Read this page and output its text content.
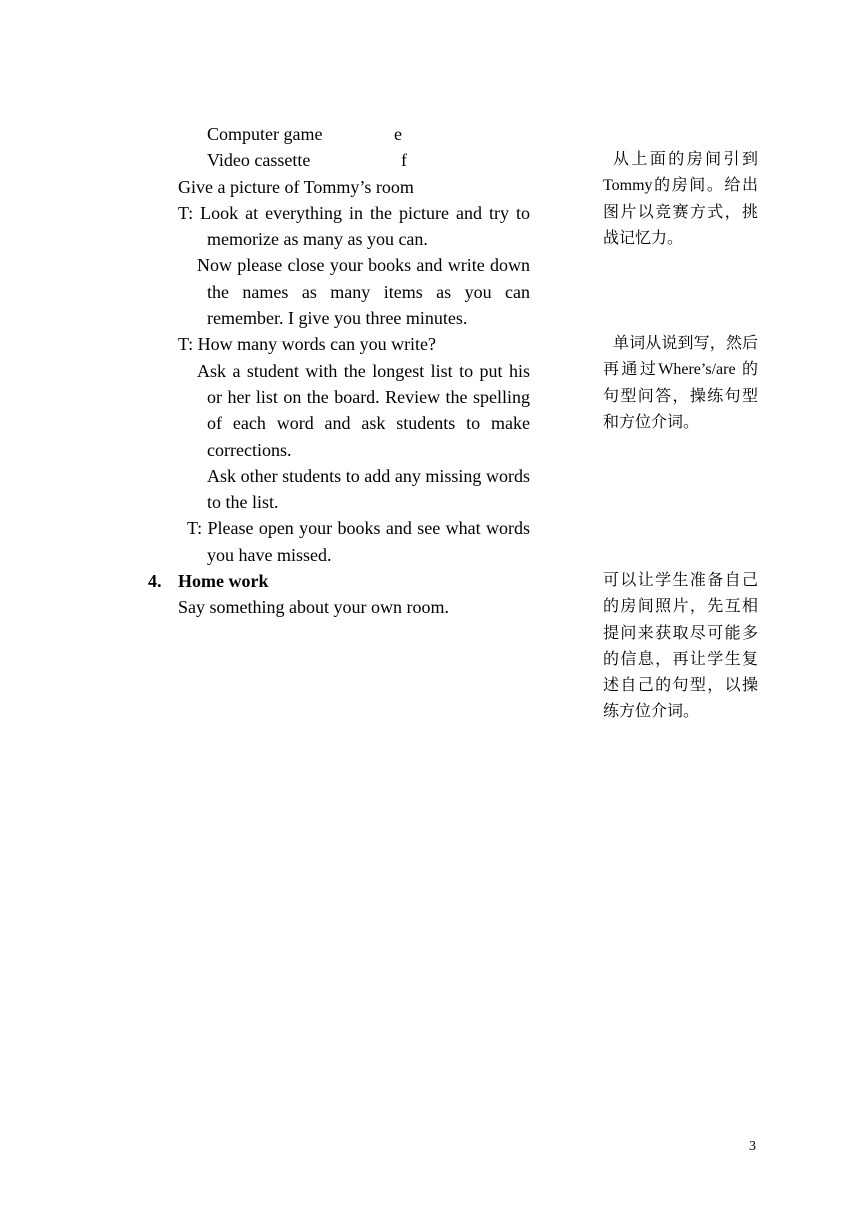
Computer game	e
Video cassette	f
Give a picture of Tommy’s room
T: Look at everything in the picture and try to memorize as many as you can.
Now please close your books and write down the names as many items as you can remember. I give you three minutes.
T: How many words can you write?
Ask a student with the longest list to put his or her list on the board. Review the spelling of each word and ask students to make corrections.
Ask other students to add any missing words to the list.
T: Please open your books and see what words you have missed.
4. Home work
Say something about your own room.
从上面的房间引到Tommy的房间。给出图片以竞赛方式，挑战记忆力。
单词从说到写，然后再通过Where’s/are 的句型问答，操练句型和方位介词。
可以让学生准备自己的房间照片，先互相提问来获取尽可能多的信息，再让学生复述自己的句型，以操练方位介词。
3
